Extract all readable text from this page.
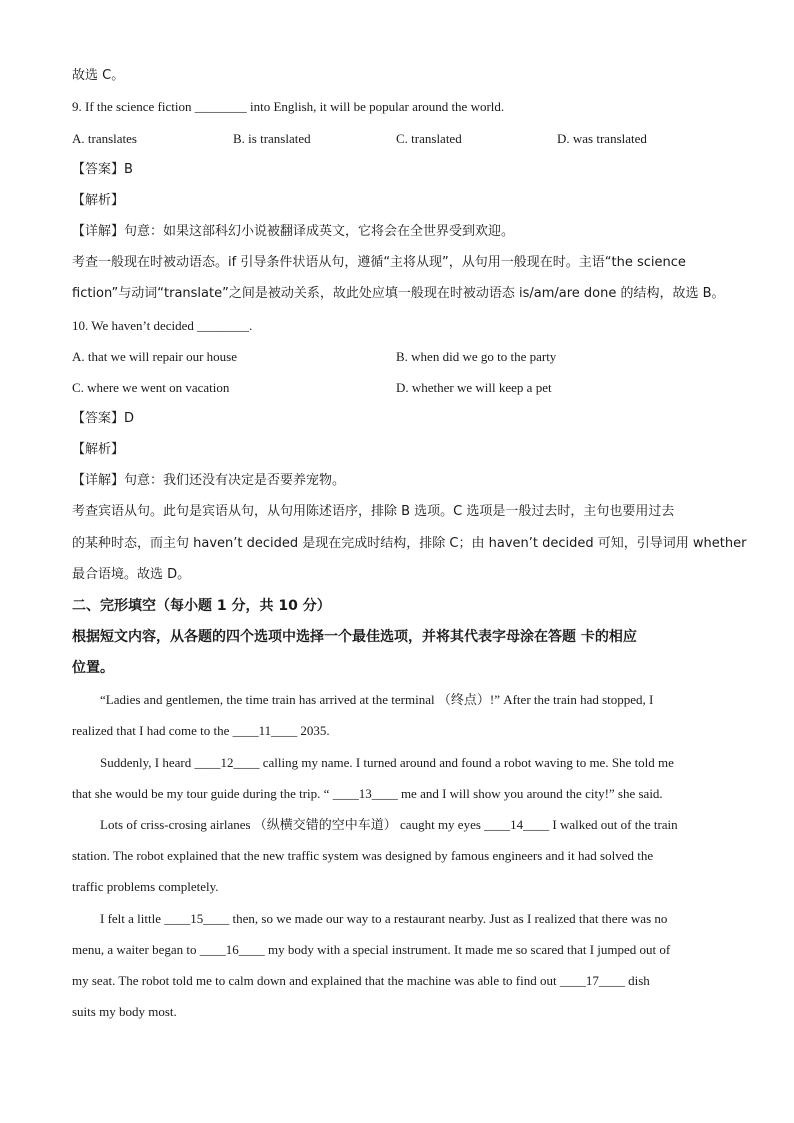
故选 C。
9. If the science fiction ________ into English, it will be popular around the world.
A. translates	B. is translated	C. translated	D. was translated
【答案】B
【解析】
【详解】句意：如果这部科幻小说被翻译成英文，它将会在全世界受到欢迎。
考查一般现在时被动语态。if 引导条件状语从句，遵循“主将从现”，从句用一般现在时。主语“the science
fiction”与动词“translate”之间是被动关系，故此处应填一般现在时被动语态 is/am/are done 的结构，故选 B。
10. We haven’t decided ________.
A. that we will repair our house	B. when did we go to the party
C. where we went on vacation	D. whether we will keep a pet
【答案】D
【解析】
【详解】句意：我们还没有决定是否要养宠物。
考查宾语从句。此句是宾语从句，从句用陈述语序，排除 B 选项。C 选项是一般过去时，主句也要用过去
的某种时态，而主句 haven’t decided 是现在完成时结构，排除 C；由 haven’t decided 可知，引导词用 whether
最合语境。故选 D。
二、完形填空（每小题 1 分，共 10 分）
根据短文内容，从各题的四个选项中选择一个最佳选项，并将其代表字母涂在答题 卡的相应
位置。
“Ladies and gentlemen, the time train has arrived at the terminal （终点）!” After the train had stopped, I
realized that I had come to the ____11____ 2035.
Suddenly, I heard ____12____ calling my name. I turned around and found a robot waving to me. She told me
that she would be my tour guide during the trip. “ ____13____ me and I will show you around the city!” she said.
Lots of criss-crosing airlanes （纵横交错的空中车道） caught my eyes ____14____ I walked out of the train
station. The robot explained that the new traffic system was designed by famous engineers and it had solved the
traffic problems completely.
I felt a little ____15____ then, so we made our way to a restaurant nearby. Just as I realized that there was no
menu, a waiter began to ____16____ my body with a special instrument. It made me so scared that I jumped out of
my seat. The robot told me to calm down and explained that the machine was able to find out ____17____ dish
suits my body most.
